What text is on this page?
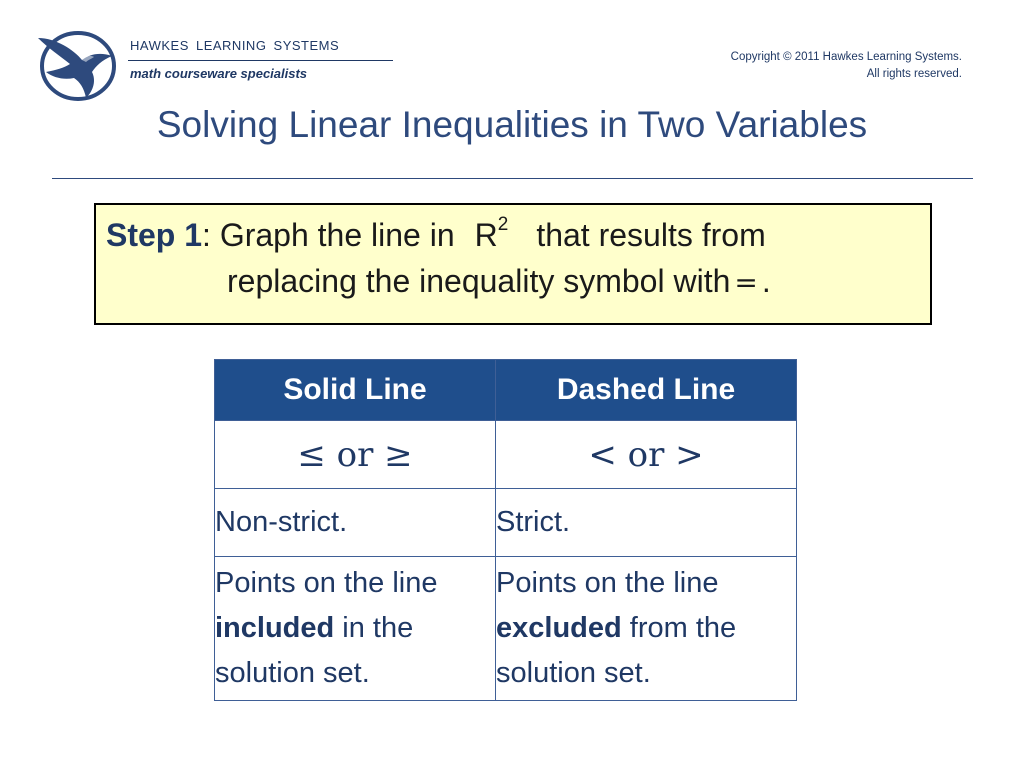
HAWKES LEARNING SYSTEMS
math courseware specialists
Copyright © 2011 Hawkes Learning Systems.
All rights reserved.
Solving Linear Inequalities in Two Variables
Step 1: Graph the line in $R^2$ that results from
replacing the inequality symbol with = .
Solid Line	Dashed Line
≤ or ≥	< or >
Non-strict.	Strict.
Points on the line included in the solution set.	Points on the line excluded from the solution set.
